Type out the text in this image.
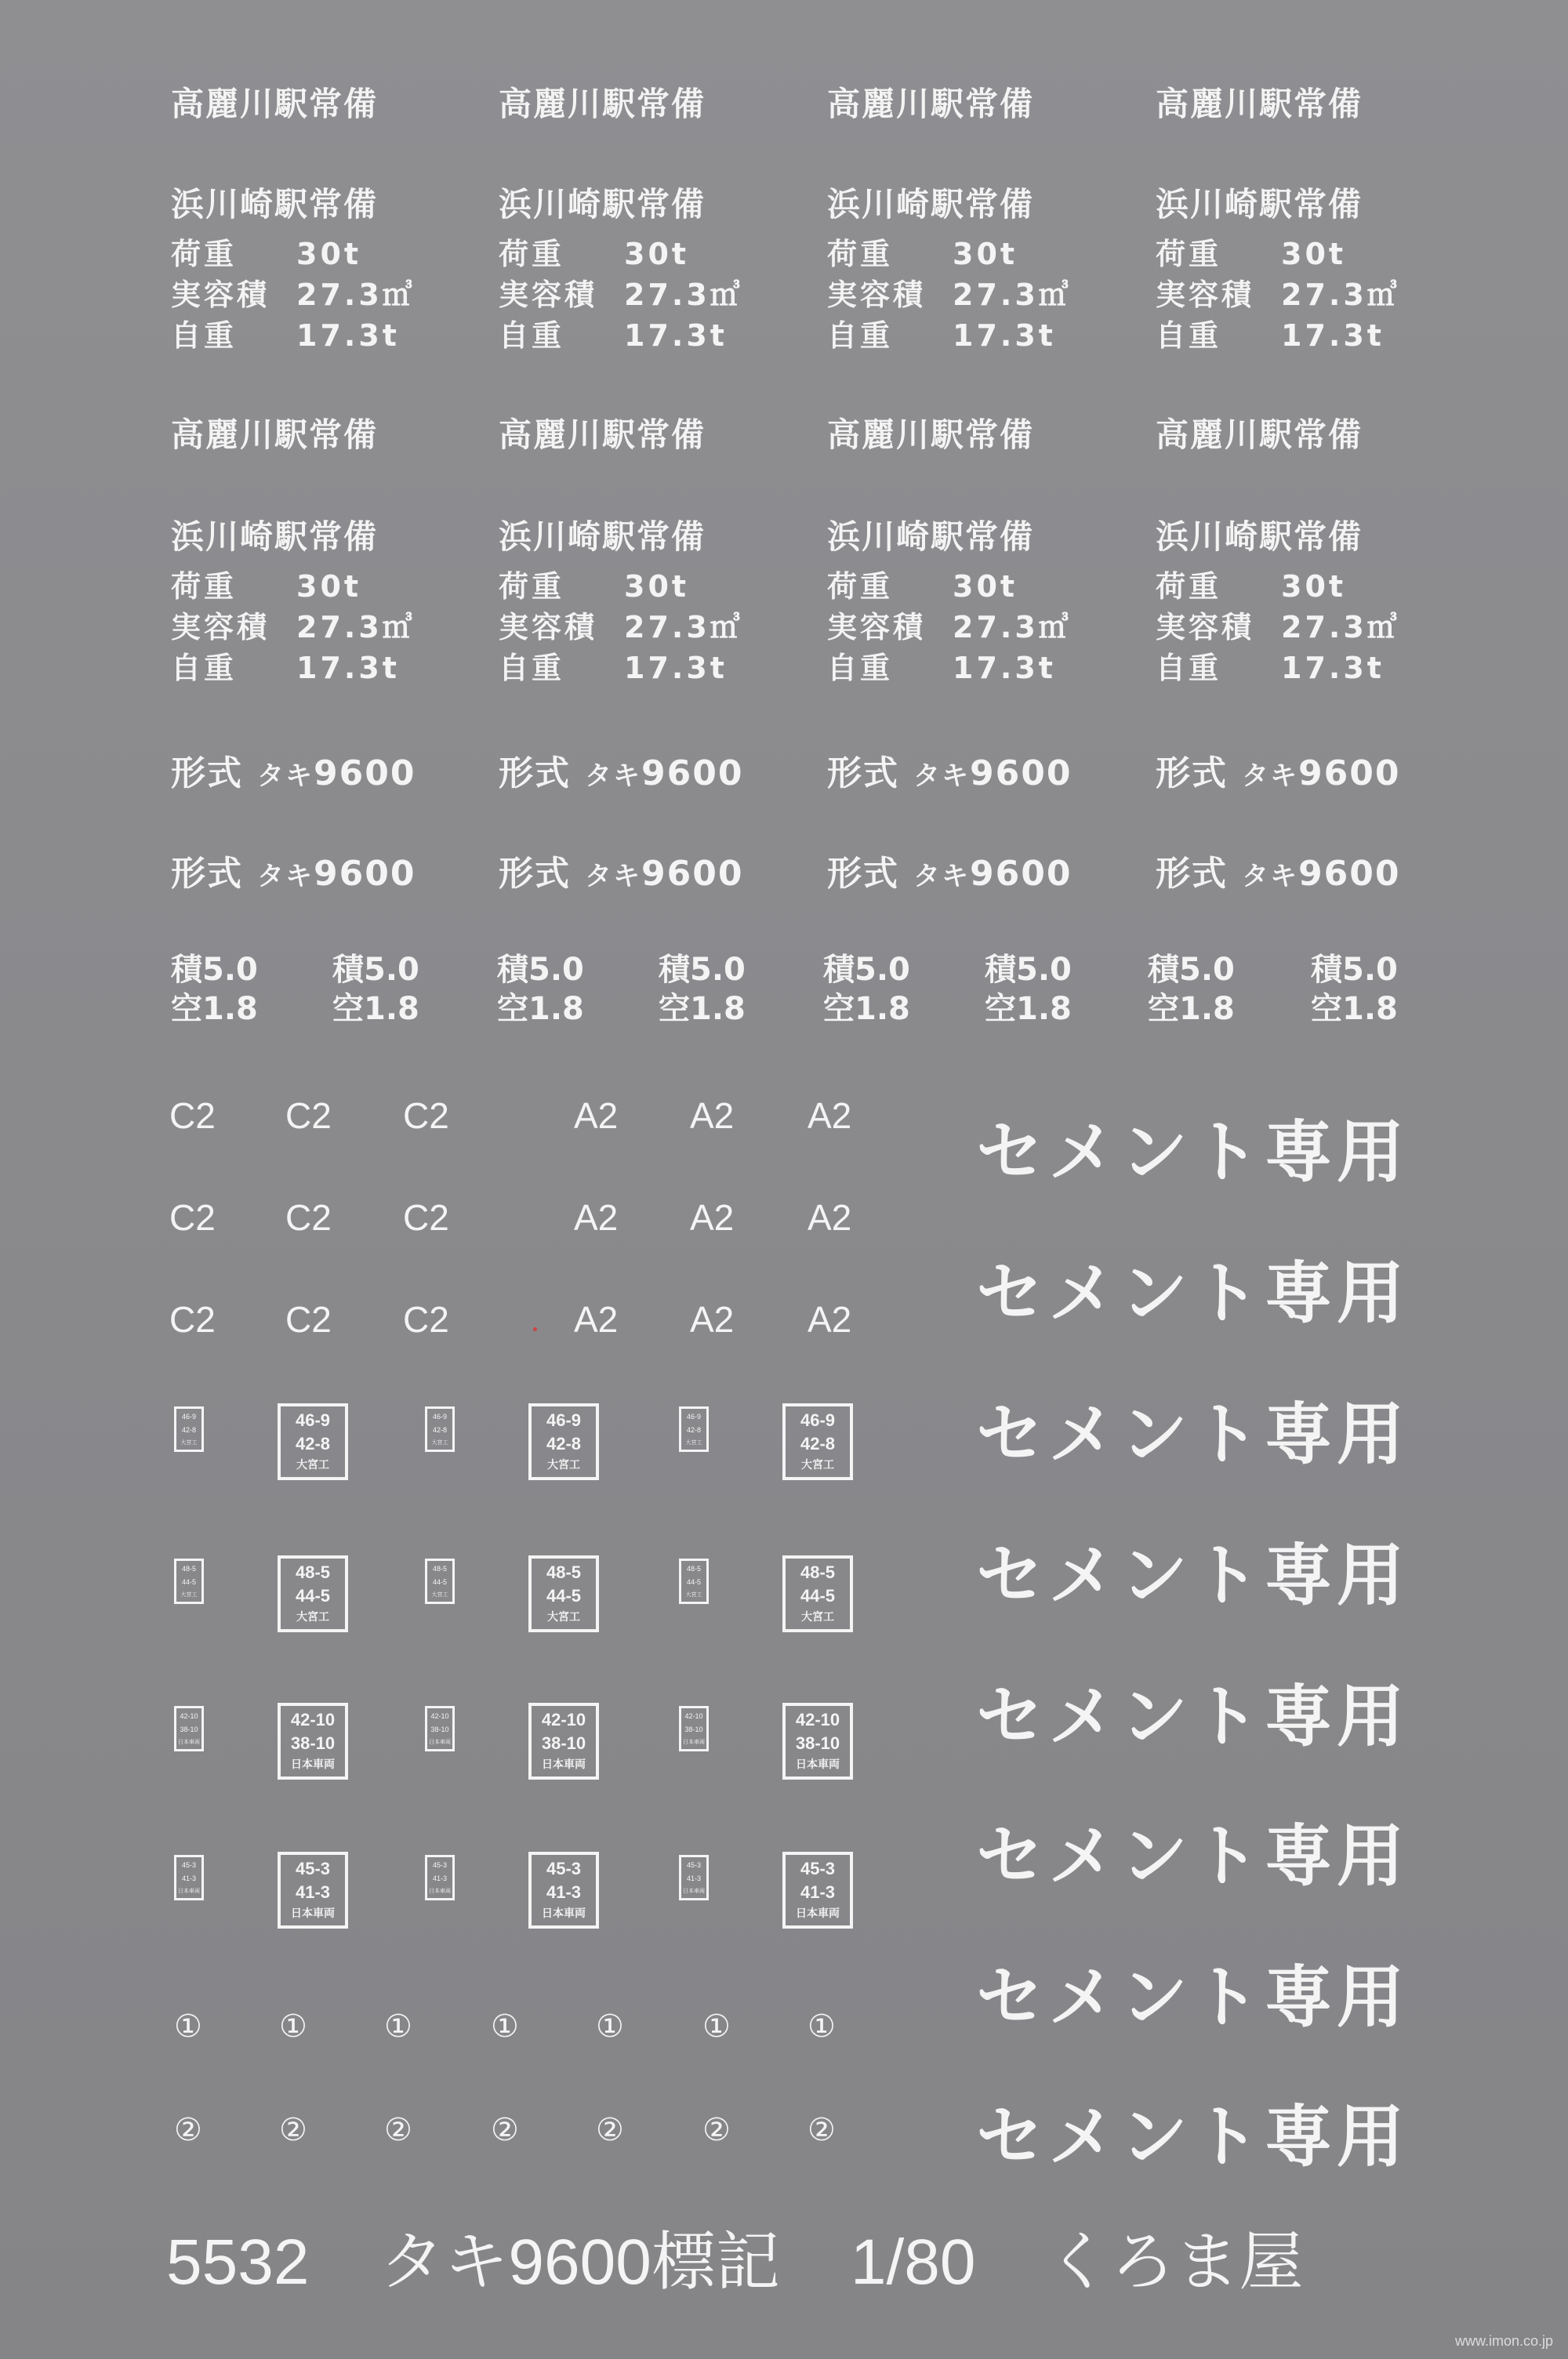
高麗川駅常備
浜川崎駅常備
荷重	30t
実容積 27.3㎥
自重	17.3t
高麗川駅常備
浜川崎駅常備
荷重	30t
実容積 27.3㎥
自重	17.3t
高麗川駅常備
浜川崎駅常備
荷重	30t
実容積 27.3㎥
自重	17.3t
高麗川駅常備
浜川崎駅常備
荷重	30t
実容積 27.3㎥
自重	17.3t
高麗川駅常備
浜川崎駅常備
荷重	30t
実容積 27.3㎥
自重	17.3t
高麗川駅常備
浜川崎駅常備
荷重	30t
実容積 27.3㎥
自重	17.3t
高麗川駅常備
浜川崎駅常備
荷重	30t
実容積 27.3㎥
自重	17.3t
高麗川駅常備
浜川崎駅常備
荷重	30t
実容積 27.3㎥
自重	17.3t
形式 タキ9600 形式 タキ9600 形式 タキ9600 形式 タキ9600
形式 タキ9600 形式 タキ9600 形式 タキ9600 形式 タキ9600
積5.0
空1.8
積5.0
空1.8
積5.0
空1.8
積5.0
空1.8
積5.0
空1.8
積5.0
空1.8
積5.0
空1.8
積5.0
空1.8
C2 C2 C2	A2 A2 A2
C2 C2 C2	A2 A2 A2
C2 C2 C2	A2 A2 A2
セメント専用
セメント専用
セメント専用
セメント専用
セメント専用
セメント専用
セメント専用
セメント専用
46-9
42-8
大宮工
46-9
42-8
大宮工
46-9
42-8
大宮工
46-9
42-8
大宮工
46-9
42-8
大宮工
46-9
42-8
大宮工
48-5
44-5
大宮工
48-5
44-5
大宮工
48-5
44-5
大宮工
48-5
44-5
大宮工
48-5
44-5
大宮工
48-5
44-5
大宮工
42-10
38-10
日本車両
42-10
38-10
日本車両
42-10
38-10
日本車両
42-10
38-10
日本車両
42-10
38-10
日本車両
42-10
38-10
日本車両
45-3
41-3
日本車両
45-3
41-3
日本車両
45-3
41-3
日本車両
45-3
41-3
日本車両
45-3
41-3
日本車両
45-3
41-3
日本車両
①
②
①
②
①
②
①
②
①
②
①
②
①
②
5532 タキ9600標記 1/80 くろま屋
www.imon.co.jp
